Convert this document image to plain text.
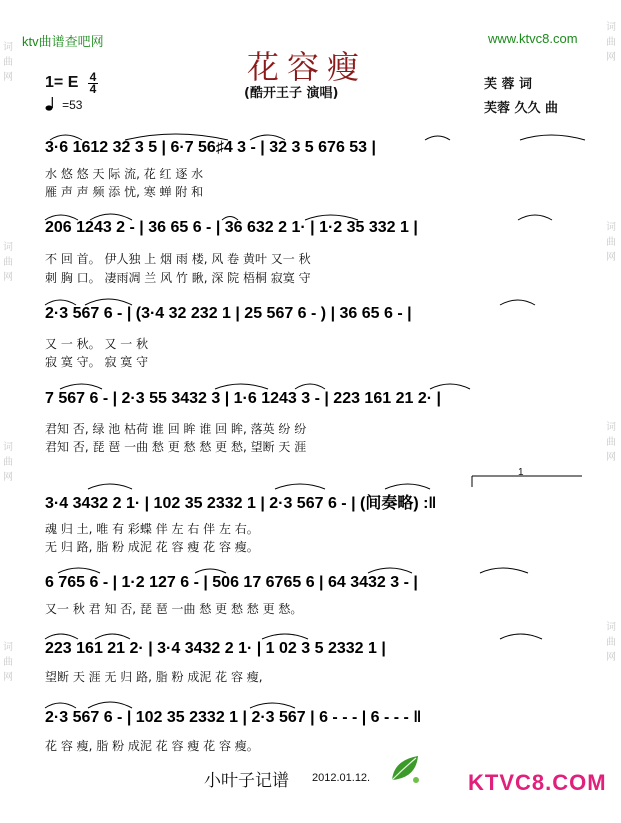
ktv曲谱查吧网	www.ktvc8.com
花容瘦
(酷开王子 演唱)
芙 蓉 词
芙蓉 久久 曲
1= E $\frac{4}{4}$
=53
词曲网
词曲网
词曲网
词曲网
词曲网
词曲网
词曲网
词曲网
3·6 1612 32 3 5 | 6·7 56♯4 3 - | 32 3 5 676 53 |
水 悠 悠 天 际 流, 花 红 逐 水
雁 声 声 频 添 忧, 寒 蝉 附 和
206 1243 2 - | 36 65 6 - | 36 632 2 1· | 1·2 35 332 1 |
不 回 首。 伊人独 上 烟 雨 楼, 风 卷 黄叶 又一 秋
刺 胸 口。 凄雨凋 兰 风 竹 瞅, 深 院 梧桐 寂寞 守
2·3 567 6 - | (3·4 32 232 1 | 25 567 6 - ) | 36 65 6 - |
又 一 秋。 又 一 秋
寂 寞 守。 寂 寞 守
7 567 6 - | 2·3 55 3432 3 | 1·6 1243 3 - | 223 161 21 2· |
君知 否, 绿 池 枯荷 谁 回 眸 谁 回 眸, 落英 纷 纷
君知 否, 琵 琶 一曲 愁 更 愁 愁 更 愁, 望断 天 涯
1
3·4 3432 2 1· | 102 35 2332 1 | 2·3 567 6 - | (间奏略) :‖
魂 归 土, 唯 有 彩蝶 伴 左 右 伴 左 右。
无 归 路, 脂 粉 成泥 花 容 瘦 花 容 瘦。
6 765 6 - | 1·2 127 6 - | 506 17 6765 6 | 64 3432 3 - |
又一 秋 君 知 否, 琵 琶 一曲 愁 更 愁 愁 更 愁。
223 161 21 2· | 3·4 3432 2 1· | 1 02 3 5 2332 1 |
望断 天 涯 无 归 路, 脂 粉 成泥 花 容 瘦,
2·3 567 6 - | 102 35 2332 1 | 2·3 567 | 6 - - - | 6 - - - ‖
花 容 瘦, 脂 粉 成泥 花 容 瘦 花 容 瘦。
小叶子记谱 2012.01.12.	KTVC8.COM
